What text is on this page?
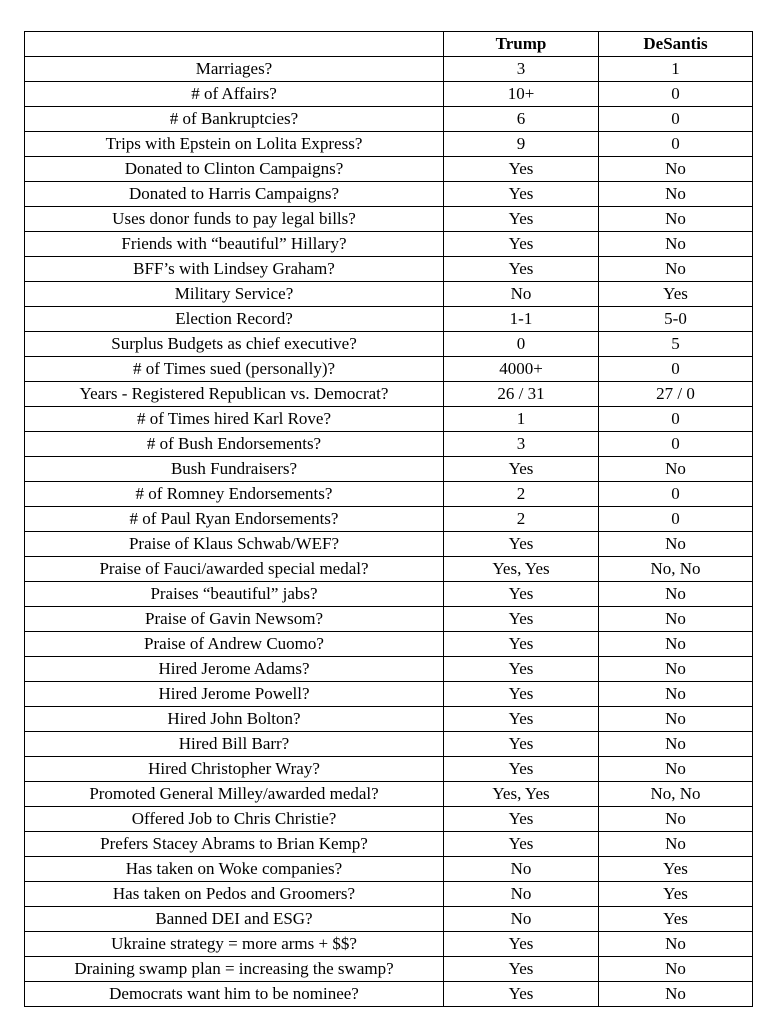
	Trump	DeSantis
Marriages?	3	1
# of Affairs?	10+	0
# of Bankruptcies?	6	0
Trips with Epstein on Lolita Express?	9	0
Donated to Clinton Campaigns?	Yes	No
Donated to Harris Campaigns?	Yes	No
Uses donor funds to pay legal bills?	Yes	No
Friends with “beautiful” Hillary?	Yes	No
BFF’s with Lindsey Graham?	Yes	No
Military Service?	No	Yes
Election Record?	1-1	5-0
Surplus Budgets as chief executive?	0	5
# of Times sued (personally)?	4000+	0
Years - Registered Republican vs. Democrat?	26 / 31	27 / 0
# of Times hired Karl Rove?	1	0
# of Bush Endorsements?	3	0
Bush Fundraisers?	Yes	No
# of Romney Endorsements?	2	0
# of Paul Ryan Endorsements?	2	0
Praise of Klaus Schwab/WEF?	Yes	No
Praise of Fauci/awarded special medal?	Yes, Yes	No, No
Praises “beautiful” jabs?	Yes	No
Praise of Gavin Newsom?	Yes	No
Praise of Andrew Cuomo?	Yes	No
Hired Jerome Adams?	Yes	No
Hired Jerome Powell?	Yes	No
Hired John Bolton?	Yes	No
Hired Bill Barr?	Yes	No
Hired Christopher Wray?	Yes	No
Promoted General Milley/awarded medal?	Yes, Yes	No, No
Offered Job to Chris Christie?	Yes	No
Prefers Stacey Abrams to Brian Kemp?	Yes	No
Has taken on Woke companies?	No	Yes
Has taken on Pedos and Groomers?	No	Yes
Banned DEI and ESG?	No	Yes
Ukraine strategy = more arms + $$?	Yes	No
Draining swamp plan = increasing the swamp?	Yes	No
Democrats want him to be nominee?	Yes	No
